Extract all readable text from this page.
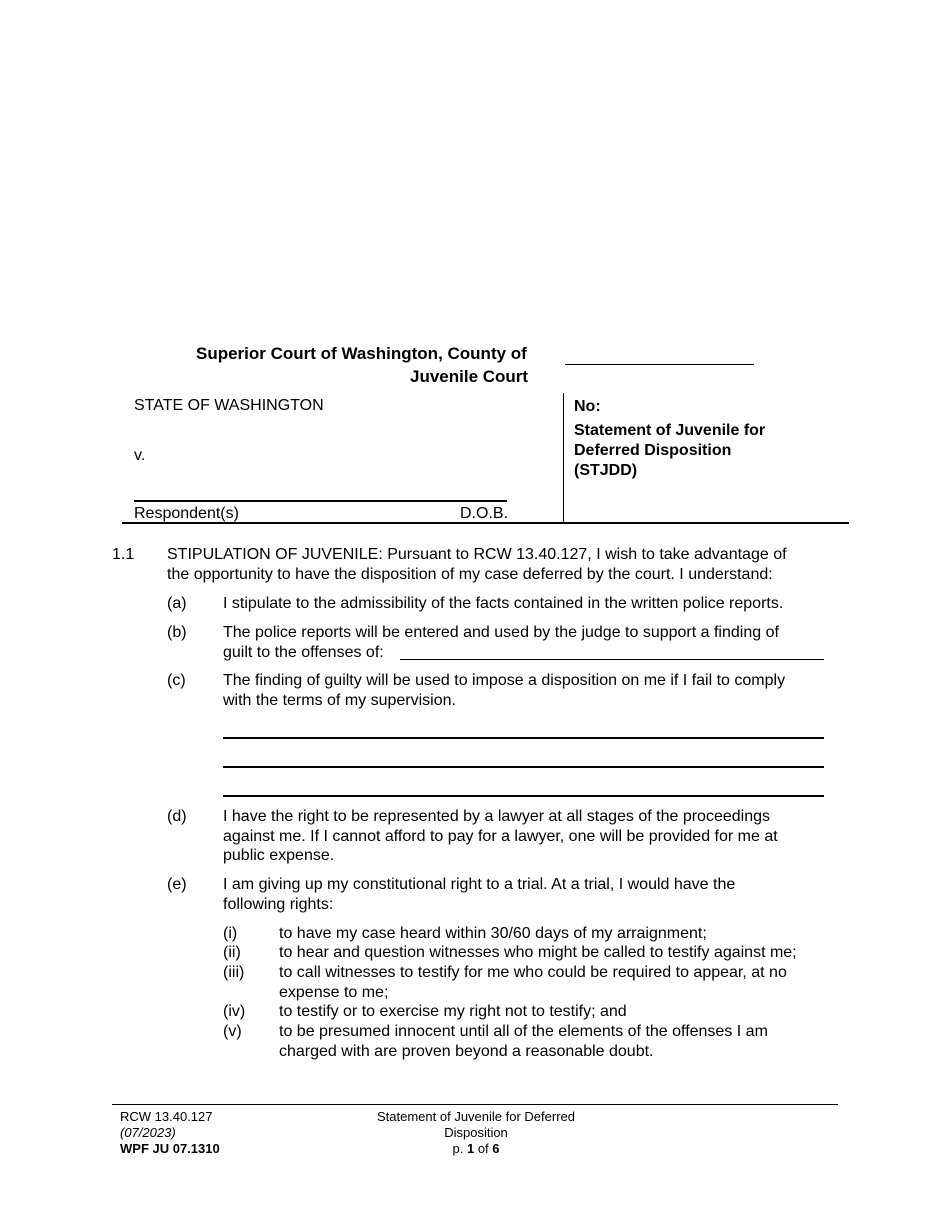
Superior Court of Washington, County of
Juvenile Court
STATE OF WASHINGTON
v.
Respondent(s)	D.O.B.
No:
Statement of Juvenile for
Deferred Disposition
(STJDD)
1.1 STIPULATION OF JUVENILE: Pursuant to RCW 13.40.127, I wish to take advantage of
the opportunity to have the disposition of my case deferred by the court. I understand:
(a) I stipulate to the admissibility of the facts contained in the written police reports.
(b) The police reports will be entered and used by the judge to support a finding of
guilt to the offenses of:
(c) The finding of guilty will be used to impose a disposition on me if I fail to comply
with the terms of my supervision.
(d) I have the right to be represented by a lawyer at all stages of the proceedings
against me. If I cannot afford to pay for a lawyer, one will be provided for me at
public expense.
(e) I am giving up my constitutional right to a trial. At a trial, I would have the
following rights:
(i)	to have my case heard within 30/60 days of my arraignment;
(ii) to hear and question witnesses who might be called to testify against me;
(iii) to call witnesses to testify for me who could be required to appear, at no
expense to me;
(iv) to testify or to exercise my right not to testify; and
(v) to be presumed innocent until all of the elements of the offenses I am
charged with are proven beyond a reasonable doubt.
RCW 13.40.127
(07/2023)
WPF JU 07.1310
Statement of Juvenile for Deferred
Disposition
p. 1 of 6
